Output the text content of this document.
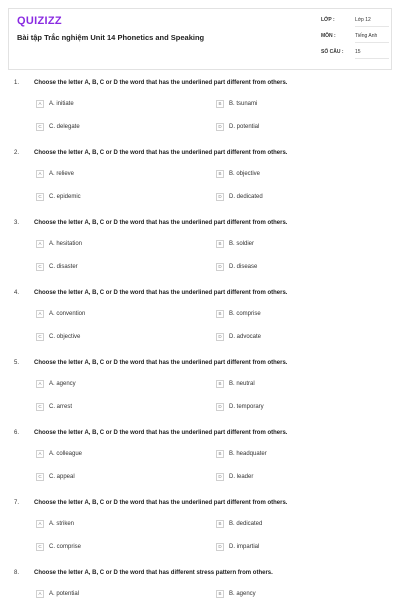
QUIZIZZ
Bài tập Trắc nghiệm Unit 14 Phonetics and Speaking
LỚP :	Lớp 12
MÔN :	Tiếng Anh
SỐ CÂU : 15
1. Choose the letter A, B, C or D the word that has the underlined part different from others.
A	A. initiate	B	B. tsunami
C	C. delegate	D	D. potential
2. Choose the letter A, B, C or D the word that has the underlined part different from others.
A	A. relieve	B	B. objective
C	C. epidemic	D	D. dedicated
3. Choose the letter A, B, C or D the word that has the underlined part different from others.
A	A. hesitation	B	B. soldier
C	C. disaster	D	D. disease
4. Choose the letter A, B, C or D the word that has the underlined part different from others.
A	A. convention	B	B. comprise
C	C. objective	D	D. advocate
5. Choose the letter A, B, C or D the word that has the underlined part different from others.
A	A. agency	B	B. neutral
C	C. arrest	D	D. temporary
6. Choose the letter A, B, C or D the word that has the underlined part different from others.
A	A. colleague	B	B. headquater
C	C. appeal	D	D. leader
7. Choose the letter A, B, C or D the word that has the underlined part different from others.
A	A. striken	B	B. dedicated
C	C. comprise	D	D. impartial
8. Choose the letter A, B, C or D the word that has different stress pattern from others.
A	A. potential	B	B. agency
